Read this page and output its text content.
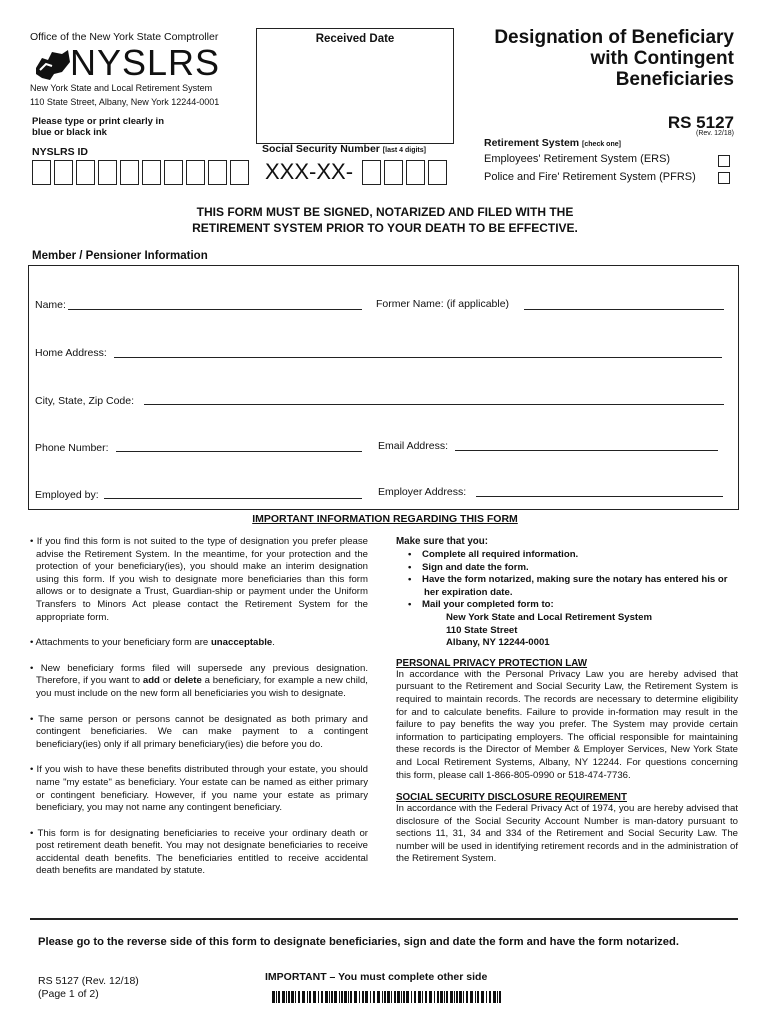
Office of the New York State Comptroller
NYSLRS
New York State and Local Retirement System
110 State Street, Albany, New York 12244-0001
Please type or print clearly in blue or black ink
Received Date	Designation of Beneficiary
with Contingent Beneficiaries
RS 5127
(Rev. 12/18)
NYSLRS ID	Social Security Number [last 4 digits]
XXX-XX-
Retirement System [check one]
Employees' Retirement System (ERS)
Police and Fire' Retirement System (PFRS)
THIS FORM MUST BE SIGNED, NOTARIZED AND FILED WITH THE
RETIREMENT SYSTEM PRIOR TO YOUR DEATH TO BE EFFECTIVE.
Member / Pensioner Information
Name:	Former Name: (if applicable)
Home Address:
City, State, Zip Code:
Phone Number:	Email Address:
Employed by:	Employer Address:
IMPORTANT INFORMATION REGARDING THIS FORM
• If you find this form is not suited to the type of designation you prefer please advise the Retirement System. In the meantime, for your protection and the protection of your beneficiary(ies), you should make an interim designation using this form. If you wish to designate more beneficiaries than this form allows or to designate a Trust, Guardian-ship or payment under the Uniform Transfers to Minors Act please contact the Retirement System for the appropriate form.
• Attachments to your beneficiary form are unacceptable.
• New beneficiary forms filed will supersede any previous designation. Therefore, if you want to add or delete a beneficiary, for example a new child, you must include on the new form all beneficiaries you wish to designate.
• The same person or persons cannot be designated as both primary and contingent beneficiaries. We can make payment to a contingent beneficiary(ies) only if all primary beneficiary(ies) die before you do.
• If you wish to have these benefits distributed through your estate, you should name "my estate" as beneficiary. Your estate can be named as either primary or contingent beneficiary. However, if you name your estate as primary beneficiary, you may not name any contingent beneficiary.
• This form is for designating beneficiaries to receive your ordinary death or post retirement death benefit. You may not designate beneficiaries to receive accidental death benefits. The beneficiaries entitled to receive accidental death benefits are mandated by statute.
Make sure that you:
•    Complete all required information.
•    Sign and date the form.
•    Have the form notarized, making sure the notary has entered his or her expiration date.
•    Mail your completed form to:
New York State and Local Retirement System
110 State Street
Albany, NY 12244-0001
PERSONAL PRIVACY PROTECTION LAW
In accordance with the Personal Privacy Law you are hereby advised that pursuant to the Retirement and Social Security Law, the Retirement System is required to maintain records. The records are necessary to determine eligibility for and to calculate benefits. Failure to provide in-formation may result in the failure to pay benefits the way you prefer. The System may provide certain information to participating employers. The official responsible for maintaining these records is the Director of Member & Employer Services, New York State and Local Retirement Systems, Albany, NY 12244. For questions concerning this form, please call 1-866-805-0990 or 518-474-7736.
SOCIAL SECURITY DISCLOSURE REQUIREMENT
In accordance with the Federal Privacy Act of 1974, you are hereby advised that disclosure of the Social Security Account Number is man-datory pursuant to sections 11, 31, 34 and 334 of the Retirement and Social Security Law. The number will be used in identifying retirement records and in the administration of the Retirement System.
Please go to the reverse side of this form to designate beneficiaries, sign and date the form and have the form notarized.
RS 5127 (Rev. 12/18)
(Page 1 of 2)
IMPORTANT – You must complete other side
